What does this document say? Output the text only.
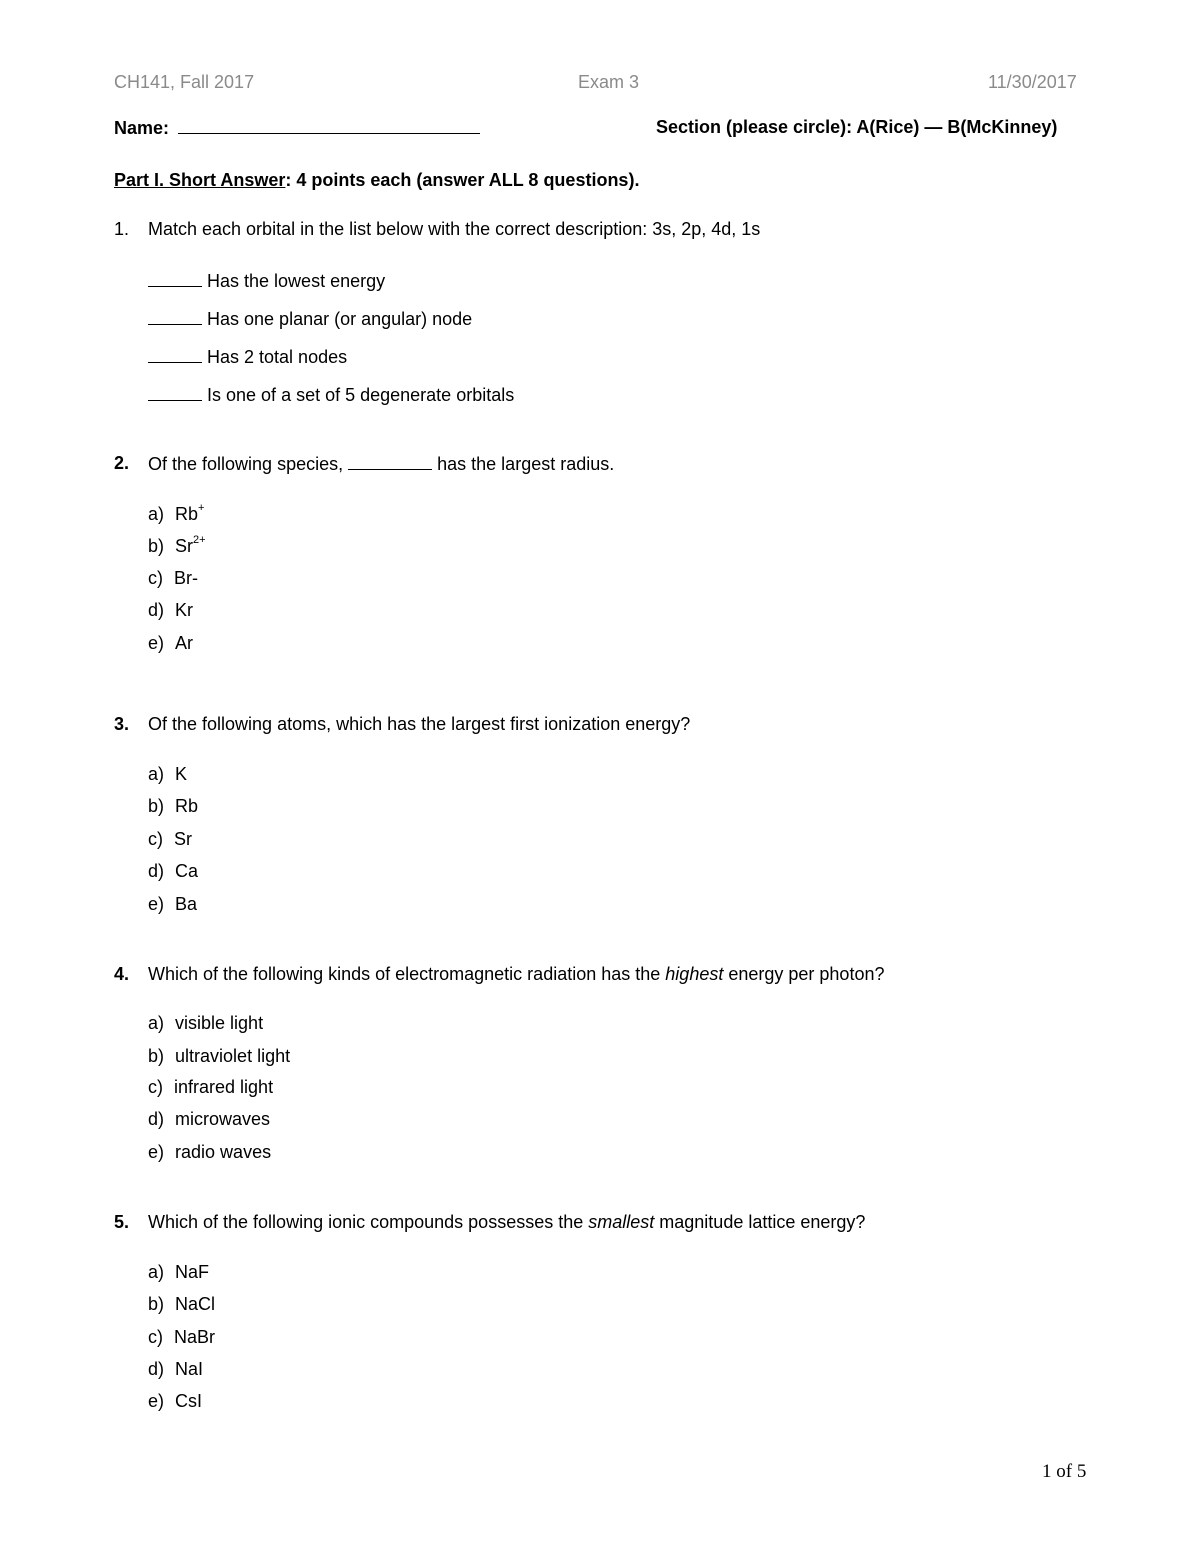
CH141, Fall 2017	Exam 3	11/30/2017
Name:	Section (please circle): A(Rice) — B(McKinney)
Part I. Short Answer: 4 points each (answer ALL 8 questions).
1. Match each orbital in the list below with the correct description: 3s, 2p, 4d, 1s
Has the lowest energy
Has one planar (or angular) node
Has 2 total nodes
Is one of a set of 5 degenerate orbitals
2. Of the following species,	has the largest radius.
a) Rb+
b) $Sr^{2+}$
c) Br-
d) Kr
e) Ar
3. Of the following atoms, which has the largest first ionization energy?
a) K
b) Rb
c) Sr
d) Ca
e) Ba
4. Which of the following kinds of electromagnetic radiation has the highest energy per photon?
a) visible light
b) ultraviolet light
c) infrared light
d) microwaves
e) radio waves
5. Which of the following ionic compounds possesses the smallest magnitude lattice energy?
a) NaF
b) NaCl
c) NaBr
d) NaI
e) CsI
1 of 5
